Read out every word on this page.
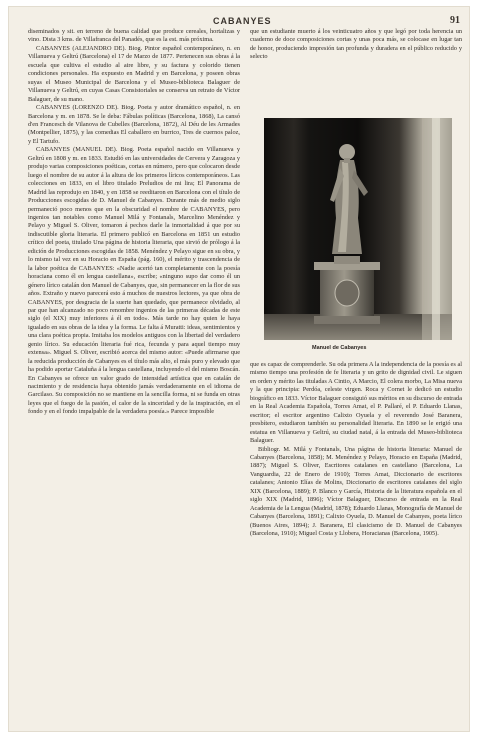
CABANYES	91

diseminados y sit. en terreno de buena calidad que produce cereales, hortalizas y vino. Dista 3 kms. de Villafranca del Panadés, que es la est. más próxima.

CABANYES (ALEJANDRO DE). Biog. Pintor español contemporáneo, n. en Villanueva y Geltrú (Barcelona) el 17 de Marzo de 1877. Pertenecen sus obras á la escuela que cultiva el estudio al aire libre, y su factura y colorido tienen condiciones personales. Ha expuesto en Madrid y en Barcelona, y poseen obras suyas el Museo Municipal de Barcelona y el Museo-biblioteca Balaguer de Villanueva y Geltrú, en cuyas Casas Consistoriales se conserva un retrato de Víctor Balaguer, de su mano.

CABANYES (LORENZO DE). Biog. Poeta y autor dramático español, n. en Barcelona y m. en 1878. Se le deba: Fábulas políticas (Barcelona, 1868), La cansó d'en Francesch de Vilanova de Cubelles (Barcelona, 1872), Al Déu de les Armades (Montpellier, 1875), y las comedias El caballero en burrico, Tres de cuernos paloz, y El Tartufo.

CABANYES (MANUEL DE). Biog. Poeta español nacido en Villanueva y Geltrú en 1808 y m. en 1833. Estudió en las universidades de Cervera y Zaragoza y produjo varias composiciones poéticas, cortas en número, pero que colocaron desde luego el nombre de su autor á la altura de los primeros líricos contemporáneos. Las colecciones en 1833, en el libro titulado Preludios de mi lira; El Panorama de Madrid las reprodujo en 1840, y en 1858 se reeditaron en Barcelona con el título de Producciones escogidas de D. Manuel de Cabanyes. Durante más de medio siglo permaneció poco menos que en la obscuridad el nombre de CABANYES, pero ingenios tan notables como Manuel Milá y Fontanals, Marcelino Menéndez y Pelayo y Miguel S. Oliver, tomaron á pechos darle la inmortalidad á que por su indiscutible gloria literaria. El primero publicó en Barcelona en 1851 un estudio crítico del poeta, titulado Una página de historia literaria, que sirvió de prólogo á la edición de Producciones escogidas de 1858. Menéndez y Pelayo sigue en su obra, y lo mismo tal vez en su Horacio en España (pág. 160), el mérito y trascendencia de la labor poética de CABANYES: «Nadie acertó tan completamente con la poesía horaciana como él en lengua castellana», escribe; «ninguno supo dar como él un género lírico catalán don Manuel de Cabanyes, que, sin permanecer en la flor de sus años. Extraño y nuevo parecerá esto á muchos de nuestros lectores, ya que obra de CABANYES, por desgracia de la suerte han quedado, que permanece olvidado, al par que han alcanzado no poco renombre ingenios de las primeras décadas de este siglo (el XIX) muy inferiores á él en todo». Más tarde no hay quien le haya igualado en sus obras de la idea y la forma. Le falta á Muratti: ideas, sentimientos y una clara poética propia. Imitaba los modelos antiguos con la libertad del verdadero genio lírico. Su educación literaria fué rica, fecunda y para aquel tiempo muy extensa». Miguel S. Oliver, escribió acerca del mismo autor: «Puede afirmarse que la reducida producción de Cabanyes es el título más alto, el más puro y elevado que ha podido aportar Cataluña á la lengua castellana, incluyendo el del mismo Boscán. En Cabanyes se ofrece un valor grado de intensidad artística que en catalán de nacimiento y de residencia haya obtenido jamás verdaderamente en el idioma de Garcilaso. Su composición no se mantiene en la sencilla forma, ni se funda en otras leyes que el fuego de la pasión, el calor de la sinceridad y de la inspiración, en el fondo y en el fondo impalpable de la verdadera poesía.» Parece imposible

que un estudiante muerto á los veinticuatro años y que legó por toda herencia un cuaderno de doce composiciones cortas y unas poca más, se colocase en lugar tan de honor, produciendo impresión tan profunda y duradera en el público reducido y selecto

Manuel de Cabanyes

que es capaz de comprenderle. Su oda primera A la independencia de la poesía es al mismo tiempo una profesión de fe literaria y un grito de dignidad civil. Le siguen en orden y mérito las tituladas A Cintio, A Marcio, El colera morbo, La Misa nueva y la que principia: Perdóa, celeste virgen. Roca y Cornet le dedicó un estudio biográfico en 1833. Víctor Balaguer consiguió sus méritos en su discurso de entrada en la Real Academia Española, Torres Amat, el P. Pallaré, el P. Eduardo Llanas, escritor; el escritor argentino Calixto Oyuela y el reverendo José Baranera, presbítero, estudiaron también su personalidad literaria. En 1890 se le erigió una estatua en Villanueva y Geltrú, su ciudad natal, á la entrada del Museo-biblioteca Balaguer.

Bibliogr. M. Milá y Fontanals, Una página de historia literaria: Manuel de Cabanyes (Barcelona, 1858); M. Menéndez y Pelayo, Horacio en España (Madrid, 1887); Miguel S. Oliver, Escritores catalanes en castellano (Barcelona, La Vanguardia, 22 de Enero de 1910); Torres Amat, Diccionario de escritores catalanes; Antonio Elías de Molins, Diccionario de escritores catalanes del siglo XIX (Barcelona, 1889); P. Blanco y García, Historia de la literatura española en el siglo XIX (Madrid, 1896); Víctor Balaguer, Discurso de entrada en la Real Academia de la Lengua (Madrid, 1878); Eduardo Llanas, Monografía de Manuel de Cabanyes (Barcelona, 1891); Calixto Oyuela, D. Manuel de Cabanyes, poeta lírico (Buenos Aires, 1894); J. Baranera, El clasicismo de D. Manuel de Cabanyes (Barcelona, 1910); Miguel Costa y Llobera, Horacianas (Barcelona, 1905).
